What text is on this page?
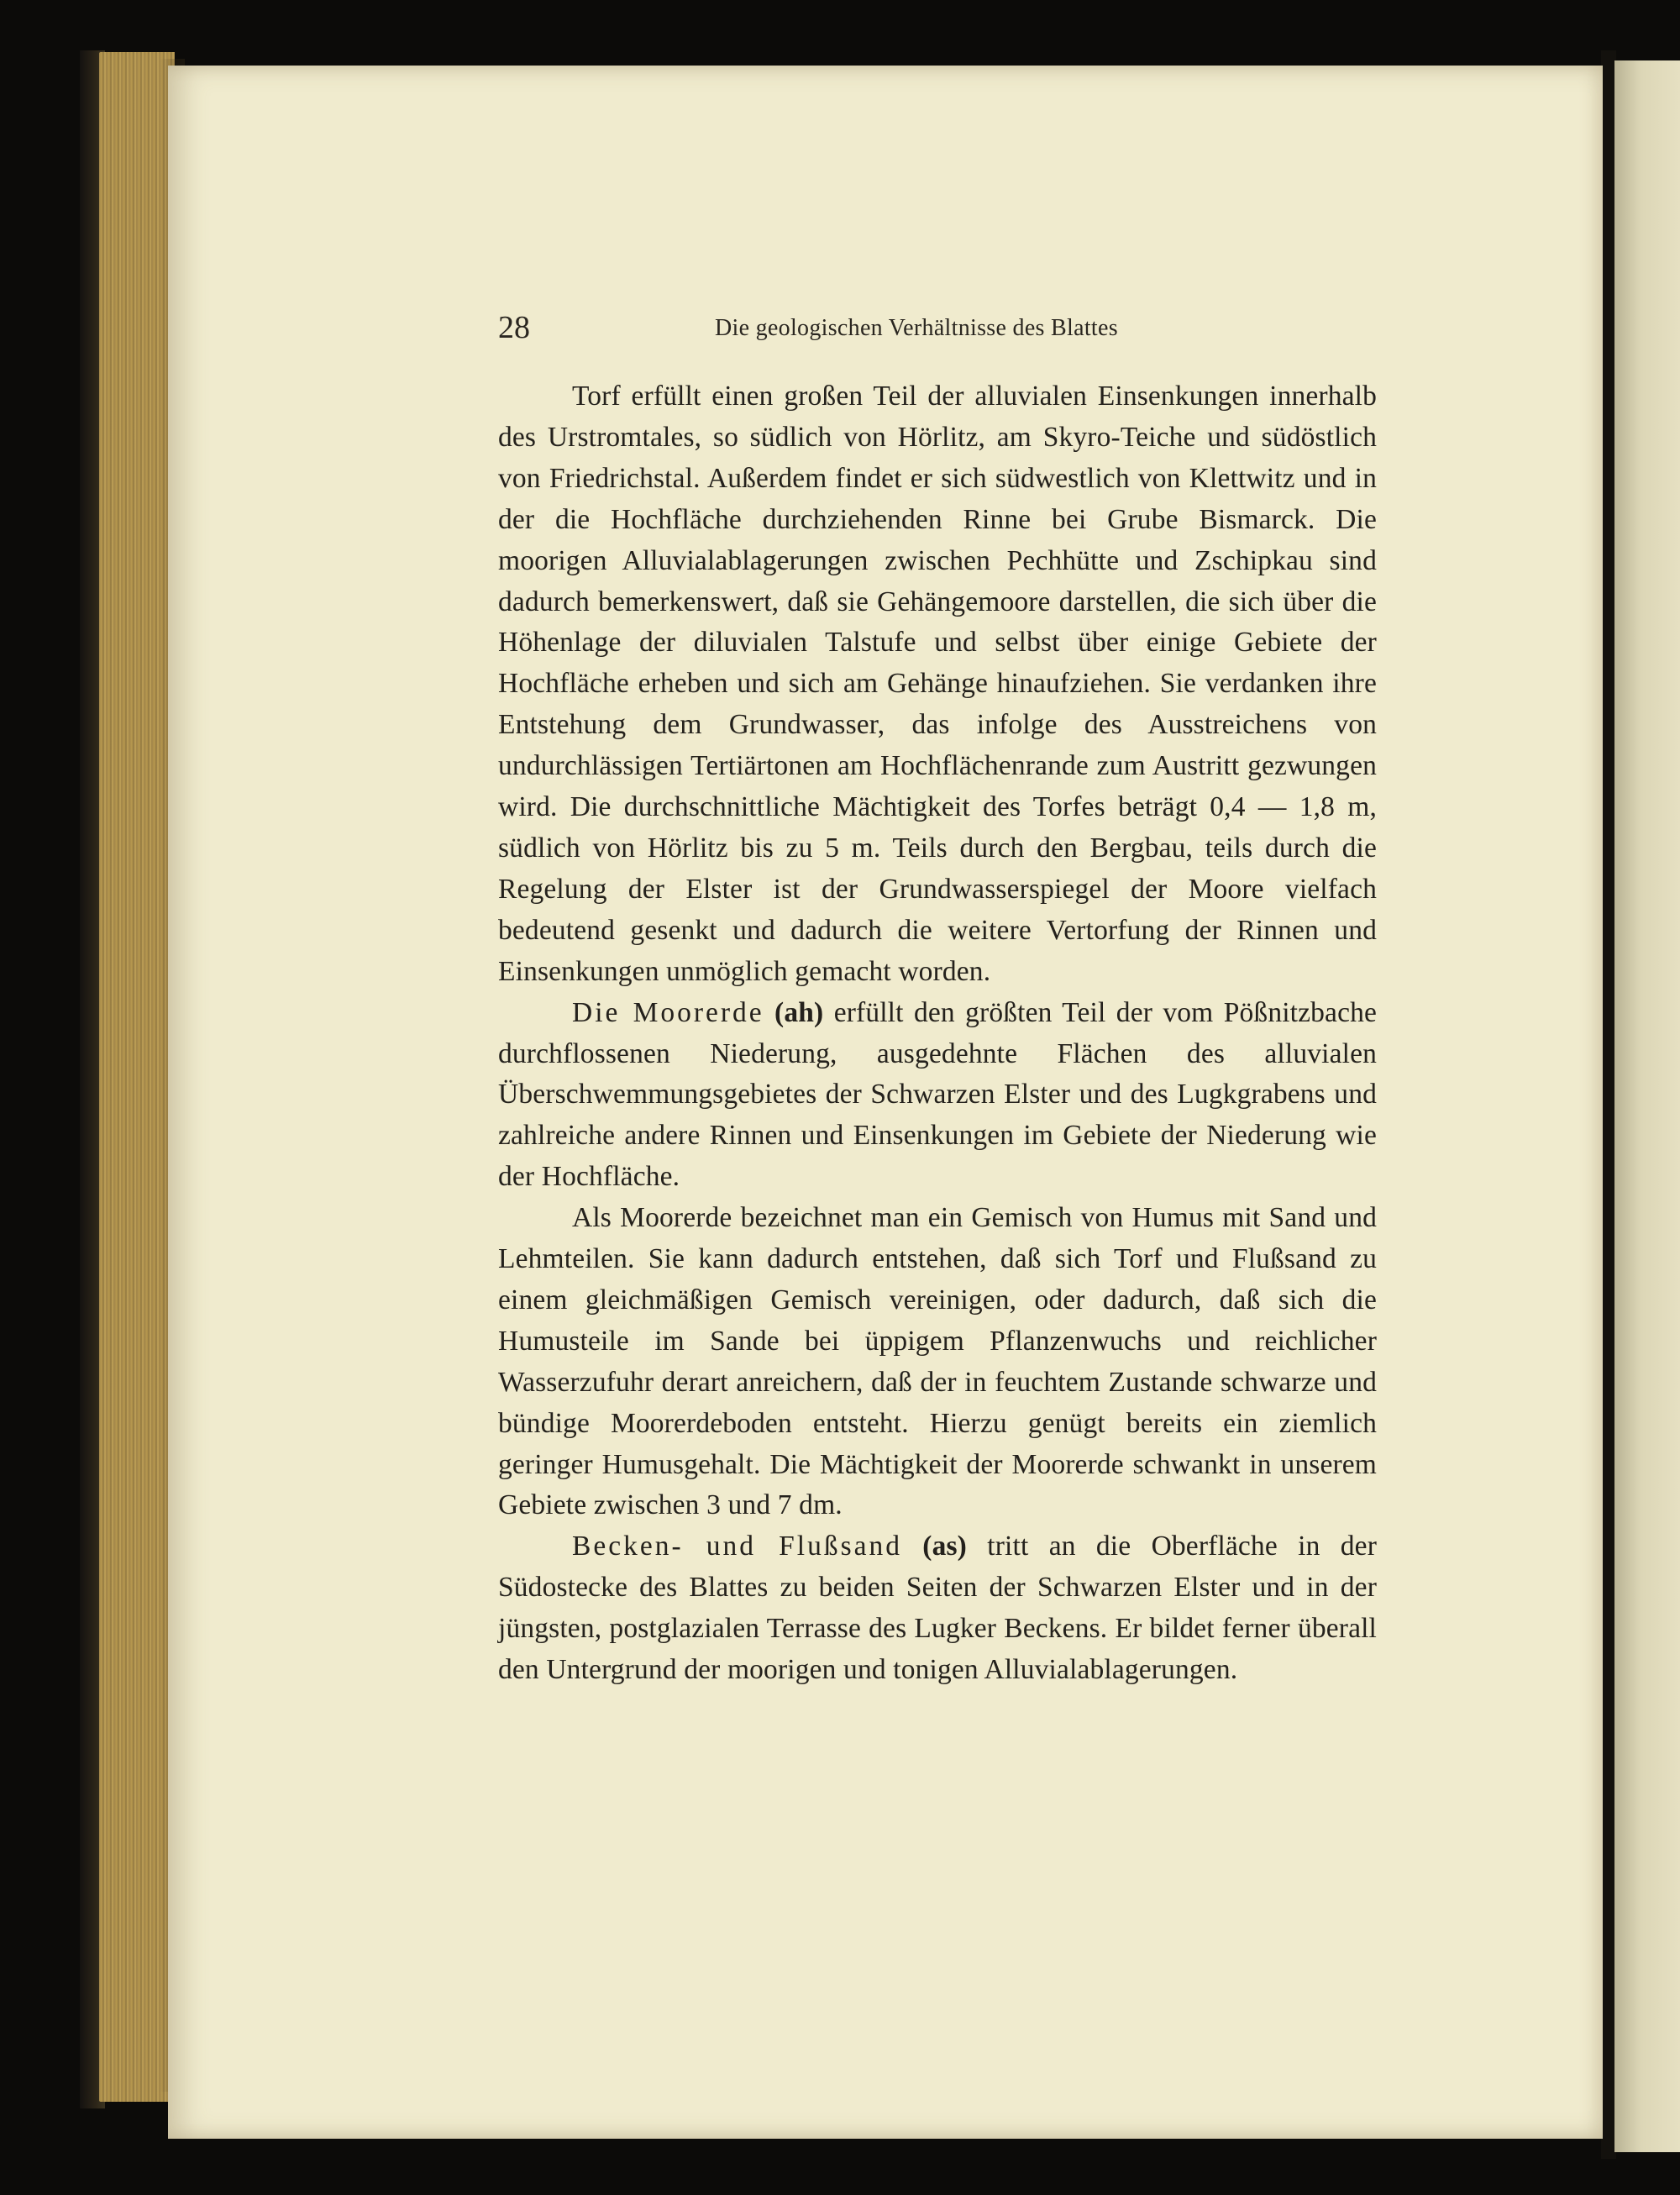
28	Die geologischen Verhältnisse des Blattes

Torf erfüllt einen großen Teil der alluvialen Einsenkungen innerhalb des Urstromtales, so südlich von Hörlitz, am Skyro-Teiche und südöstlich von Friedrichstal. Außerdem findet er sich südwestlich von Klettwitz und in der die Hochfläche durchziehenden Rinne bei Grube Bismarck. Die moorigen Alluvialablagerungen zwischen Pechhütte und Zschipkau sind dadurch bemerkenswert, daß sie Gehängemoore darstellen, die sich über die Höhenlage der diluvialen Talstufe und selbst über einige Gebiete der Hochfläche erheben und sich am Gehänge hinaufziehen. Sie verdanken ihre Entstehung dem Grundwasser, das infolge des Ausstreichens von undurchlässigen Tertiärtonen am Hochflächenrande zum Austritt gezwungen wird. Die durchschnittliche Mächtigkeit des Torfes beträgt 0,4 — 1,8 m, südlich von Hörlitz bis zu 5 m. Teils durch den Bergbau, teils durch die Regelung der Elster ist der Grundwasserspiegel der Moore vielfach bedeutend gesenkt und dadurch die weitere Vertorfung der Rinnen und Einsenkungen unmöglich gemacht worden.

Die Moorerde (ah) erfüllt den größten Teil der vom Pößnitzbache durchflossenen Niederung, ausgedehnte Flächen des alluvialen Überschwemmungsgebietes der Schwarzen Elster und des Lugkgrabens und zahlreiche andere Rinnen und Einsenkungen im Gebiete der Niederung wie der Hochfläche.

Als Moorerde bezeichnet man ein Gemisch von Humus mit Sand und Lehmteilen. Sie kann dadurch entstehen, daß sich Torf und Flußsand zu einem gleichmäßigen Gemisch vereinigen, oder dadurch, daß sich die Humusteile im Sande bei üppigem Pflanzenwuchs und reichlicher Wasserzufuhr derart anreichern, daß der in feuchtem Zustande schwarze und bündige Moorerdeboden entsteht. Hierzu genügt bereits ein ziemlich geringer Humusgehalt. Die Mächtigkeit der Moorerde schwankt in unserem Gebiete zwischen 3 und 7 dm.

Becken- und Flußsand (as) tritt an die Oberfläche in der Südostecke des Blattes zu beiden Seiten der Schwarzen Elster und in der jüngsten, postglazialen Terrasse des Lugker Beckens. Er bildet ferner überall den Untergrund der moorigen und tonigen Alluvialablagerungen.
